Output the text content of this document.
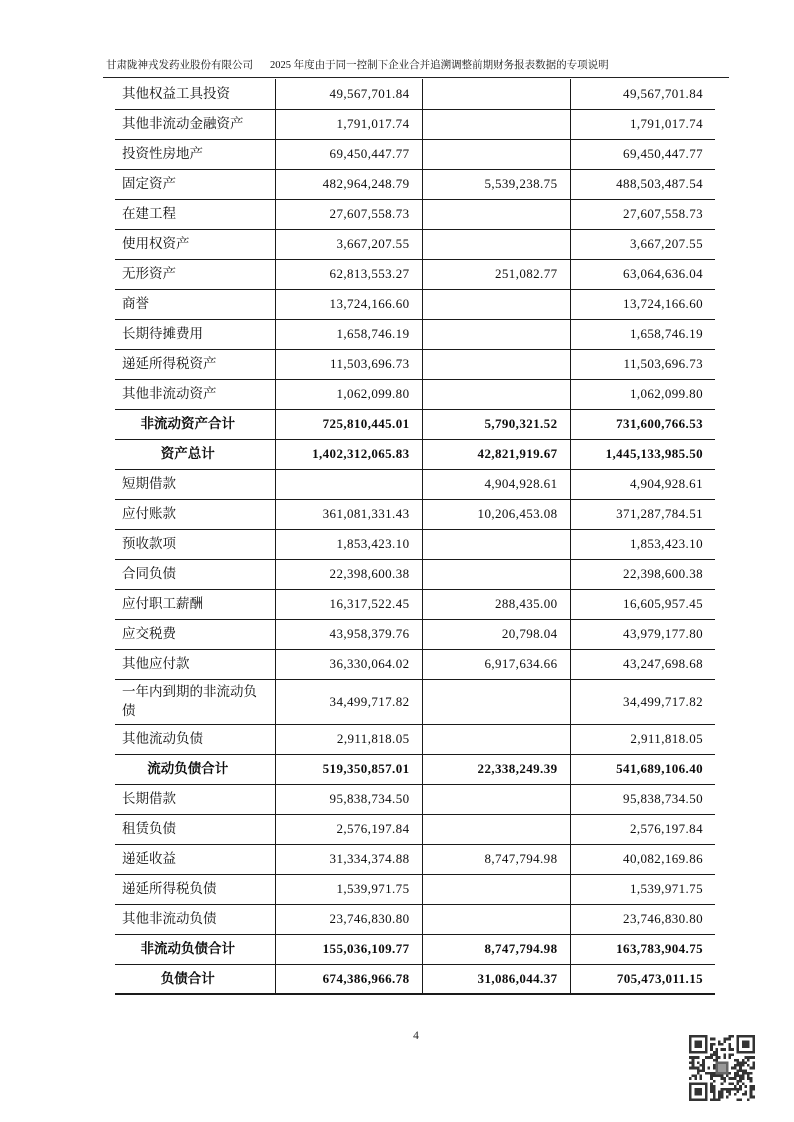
甘肃陇神戎发药业股份有限公司 2025 年度由于同一控制下企业合并追溯调整前期财务报表数据的专项说明
其他权益工具投资	49,567,701.84		49,567,701.84
其他非流动金融资产	1,791,017.74		1,791,017.74
投资性房地产	69,450,447.77		69,450,447.77
固定资产	482,964,248.79	5,539,238.75	488,503,487.54
在建工程	27,607,558.73		27,607,558.73
使用权资产	3,667,207.55		3,667,207.55
无形资产	62,813,553.27	251,082.77	63,064,636.04
商誉	13,724,166.60		13,724,166.60
长期待摊费用	1,658,746.19		1,658,746.19
递延所得税资产	11,503,696.73		11,503,696.73
其他非流动资产	1,062,099.80		1,062,099.80
非流动资产合计	725,810,445.01	5,790,321.52	731,600,766.53
资产总计	1,402,312,065.83	42,821,919.67	1,445,133,985.50
短期借款		4,904,928.61	4,904,928.61
应付账款	361,081,331.43	10,206,453.08	371,287,784.51
预收款项	1,853,423.10		1,853,423.10
合同负债	22,398,600.38		22,398,600.38
应付职工薪酬	16,317,522.45	288,435.00	16,605,957.45
应交税费	43,958,379.76	20,798.04	43,979,177.80
其他应付款	36,330,064.02	6,917,634.66	43,247,698.68
一年内到期的非流动负债	34,499,717.82		34,499,717.82
其他流动负债	2,911,818.05		2,911,818.05
流动负债合计	519,350,857.01	22,338,249.39	541,689,106.40
长期借款	95,838,734.50		95,838,734.50
租赁负债	2,576,197.84		2,576,197.84
递延收益	31,334,374.88	8,747,794.98	40,082,169.86
递延所得税负债	1,539,971.75		1,539,971.75
其他非流动负债	23,746,830.80		23,746,830.80
非流动负债合计	155,036,109.77	8,747,794.98	163,783,904.75
负债合计	674,386,966.78	31,086,044.37	705,473,011.15
4
